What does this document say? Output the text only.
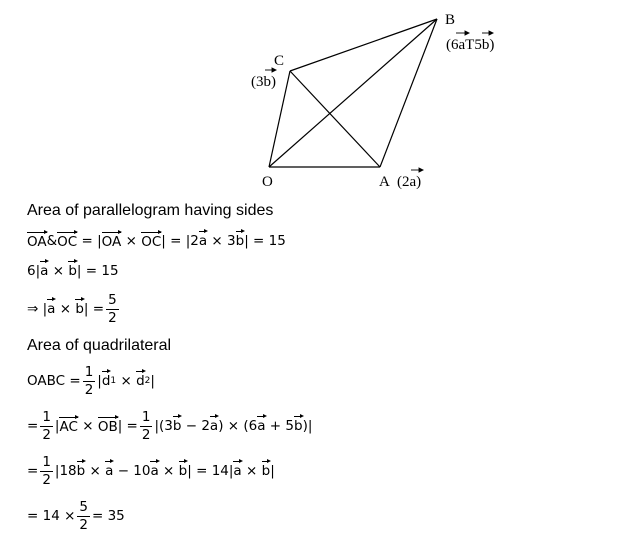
O	A (2a)
B
(6aT5b)
C
(3b)
Area of parallelogram having sides
OA & OC = | OA × OC | = |2 a × 3 b | = 15
6| a × b | = 15
⇒ | a × b | = $\frac{5}{2}$
Area of quadrilateral
OABC = $\frac{1}{2}$ | d 1 × d 2 |
= $\frac{1}{2}$ | AC × OB | = $\frac{1}{2} |(3$ b − 2 a ) × (6 a + 5 b )|
= $\frac{1}{2} |18$ b × a − 10 a × b | = 14| a × b |
= $14 \times \frac{5}{2} = 35$
